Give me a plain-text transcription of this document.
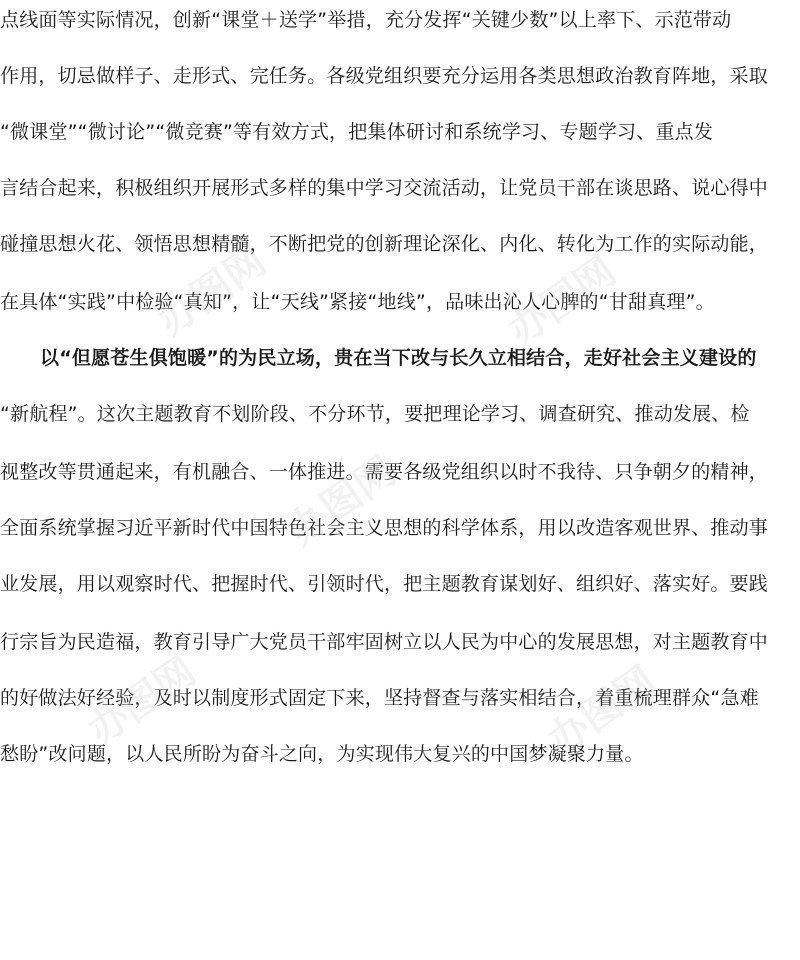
点线面等实际情况，创新“课堂＋送学”举措，充分发挥“关键少数”以上率下、示范带动
作用，切忌做样子、走形式、完任务。各级党组织要充分运用各类思想政治教育阵地，采取
“微课堂”“微讨论”“微竞赛”等有效方式，把集体研讨和系统学习、专题学习、重点发
言结合起来，积极组织开展形式多样的集中学习交流活动，让党员干部在谈思路、说心得中
碰撞思想火花、领悟思想精髓，不断把党的创新理论深化、内化、转化为工作的实际动能，
在具体“实践”中检验“真知”，让“天线”紧接“地线”，品味出沁人心脾的“甘甜真理”。
以“但愿苍生俱饱暖”的为民立场，贵在当下改与长久立相结合，走好社会主义建设的
“新航程”。这次主题教育不划阶段、不分环节，要把理论学习、调查研究、推动发展、检
视整改等贯通起来，有机融合、一体推进。需要各级党组织以时不我待、只争朝夕的精神，
全面系统掌握习近平新时代中国特色社会主义思想的科学体系，用以改造客观世界、推动事
业发展，用以观察时代、把握时代、引领时代，把主题教育谋划好、组织好、落实好。要践
行宗旨为民造福，教育引导广大党员干部牢固树立以人民为中心的发展思想，对主题教育中
的好做法好经验，及时以制度形式固定下来，坚持督查与落实相结合，着重梳理群众“急难
愁盼”改问题，以人民所盼为奋斗之向，为实现伟大复兴的中国梦凝聚力量。
办图网	办图网
办图网
办图网	办图网
